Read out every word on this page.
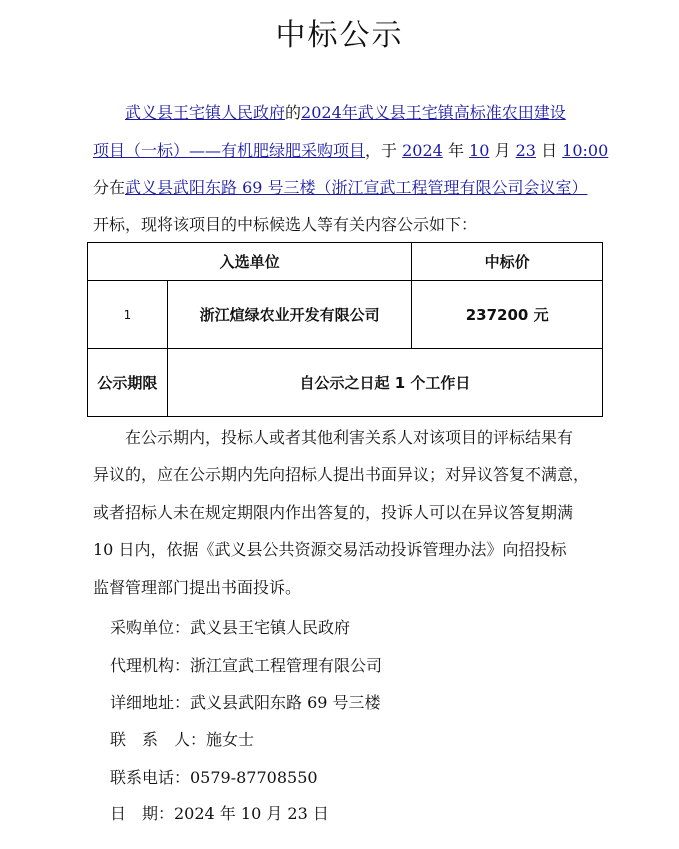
中标公示
武义县王宅镇人民政府的2024年武义县王宅镇高标准农田建设
项目（一标）——有机肥绿肥采购项目，于 2024 年 10 月 23 日 10:00
分在武义县武阳东路 69 号三楼（浙江宣武工程管理有限公司会议室）
开标，现将该项目的中标候选人等有关内容公示如下：
入选单位		中标价
1	浙江煊绿农业开发有限公司	237200 元
公示期限	自公示之日起 1 个工作日	
在公示期内，投标人或者其他利害关系人对该项目的评标结果有
异议的，应在公示期内先向招标人提出书面异议；对异议答复不满意，
或者招标人未在规定期限内作出答复的，投诉人可以在异议答复期满
10 日内，依据《武义县公共资源交易活动投诉管理办法》向招投标
监督管理部门提出书面投诉。
采购单位：武义县王宅镇人民政府
代理机构：浙江宣武工程管理有限公司
详细地址：武义县武阳东路 69 号三楼
联　系　人：施女士
联系电话：0579-87708550
日　期：2024 年 10 月 23 日
